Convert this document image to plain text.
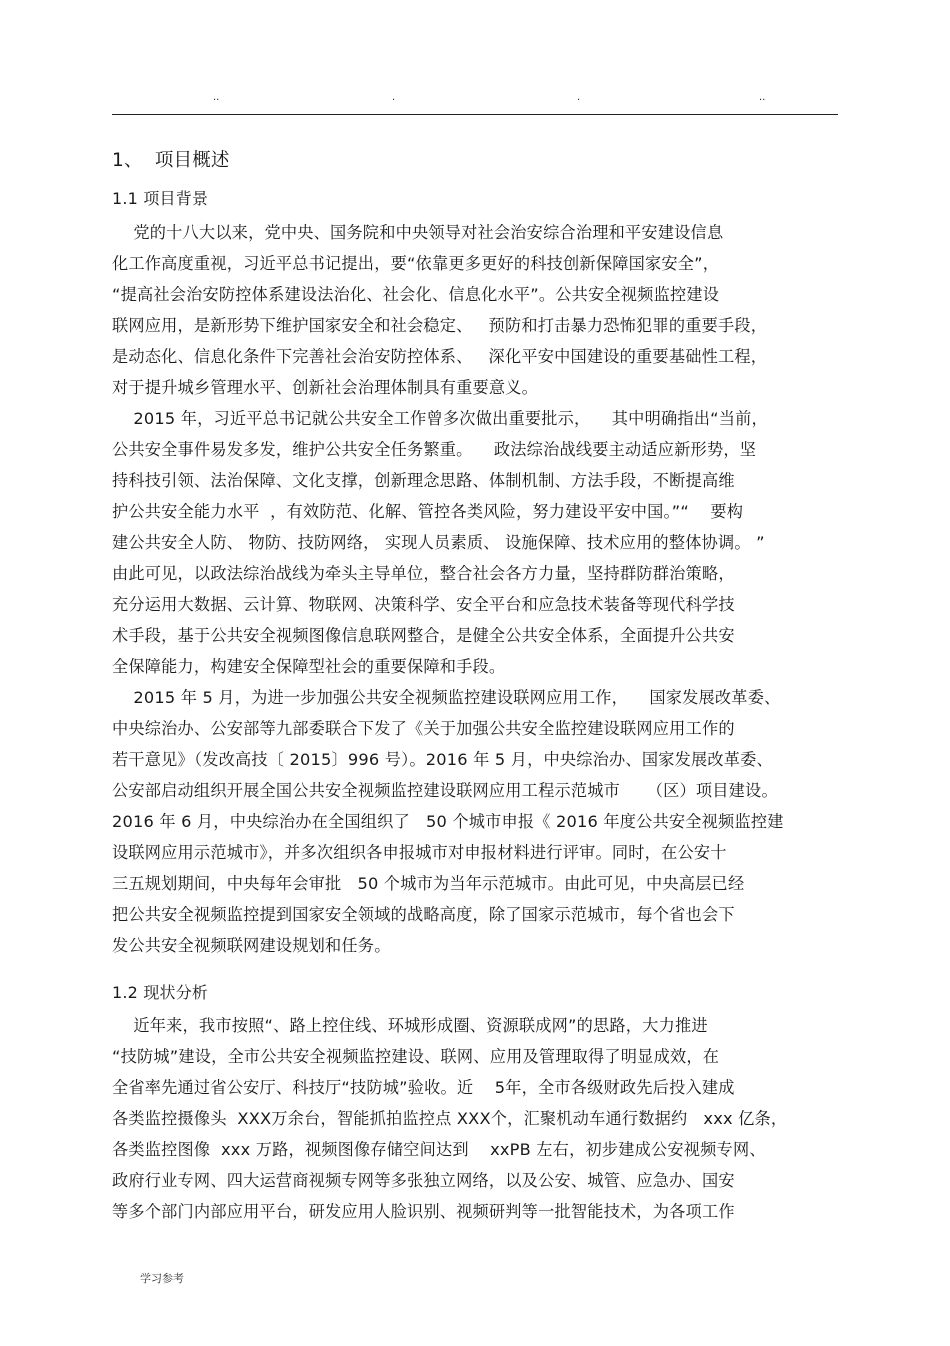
..	.	.	..
1、  项目概述
1.1 项目背景
党的十八大以来，党中央、国务院和中央领导对社会治安综合治理和平安建设信息
化工作高度重视，习近平总书记提出，要“依靠更多更好的科技创新保障国家安全”，
“提高社会治安防控体系建设法治化、社会化、信息化水平”。公共安全视频监控建设
联网应用，是新形势下维护国家安全和社会稳定、   预防和打击暴力恐怖犯罪的重要手段，
是动态化、信息化条件下完善社会治安防控体系、   深化平安中国建设的重要基础性工程，
对于提升城乡管理水平、创新社会治理体制具有重要意义。
2015 年，习近平总书记就公共安全工作曾多次做出重要批示，    其中明确指出“当前，
公共安全事件易发多发，维护公共安全任务繁重。    政法综治战线要主动适应新形势，坚
持科技引领、法治保障、文化支撑，创新理念思路、体制机制、方法手段，不断提高维
护公共安全能力水平  ，有效防范、化解、管控各类风险，努力建设平安中国。”“    要构
建公共安全人防、 物防、技防网络， 实现人员素质、 设施保障、技术应用的整体协调。 ”
由此可见，以政法综治战线为牵头主导单位，整合社会各方力量，坚持群防群治策略，
充分运用大数据、云计算、物联网、决策科学、安全平台和应急技术装备等现代科学技
术手段，基于公共安全视频图像信息联网整合，是健全公共安全体系，全面提升公共安
全保障能力，构建安全保障型社会的重要保障和手段。
2015 年 5 月，为进一步加强公共安全视频监控建设联网应用工作，    国家发展改革委、
中央综治办、公安部等九部委联合下发了《关于加强公共安全监控建设联网应用工作的
若干意见》（发改高技〔 2015〕996 号）。2016 年 5 月，中央综治办、国家发展改革委、
公安部启动组织开展全国公共安全视频监控建设联网应用工程示范城市     （区）项目建设。
2016 年 6 月，中央综治办在全国组织了   50 个城市申报《 2016 年度公共安全视频监控建
设联网应用示范城市》，并多次组织各申报城市对申报材料进行评审。同时，在公安十
三五规划期间，中央每年会审批   50 个城市为当年示范城市。由此可见，中央高层已经
把公共安全视频监控提到国家安全领域的战略高度，除了国家示范城市，每个省也会下
发公共安全视频联网建设规划和任务。
1.2 现状分析
近年来，我市按照“、路上控住线、环城形成圈、资源联成网”的思路，大力推进
“技防城”建设，全市公共安全视频监控建设、联网、应用及管理取得了明显成效，在
全省率先通过省公安厅、科技厅“技防城”验收。近    5年，全市各级财政先后投入建成
各类监控摄像头  XXX万余台，智能抓拍监控点 XXX个，汇聚机动车通行数据约   xxx 亿条，
各类监控图像  xxx 万路，视频图像存储空间达到    xxPB 左右，初步建成公安视频专网、
政府行业专网、四大运营商视频专网等多张独立网络，以及公安、城管、应急办、国安
等多个部门内部应用平台，研发应用人脸识别、视频研判等一批智能技术，为各项工作
学习参考
